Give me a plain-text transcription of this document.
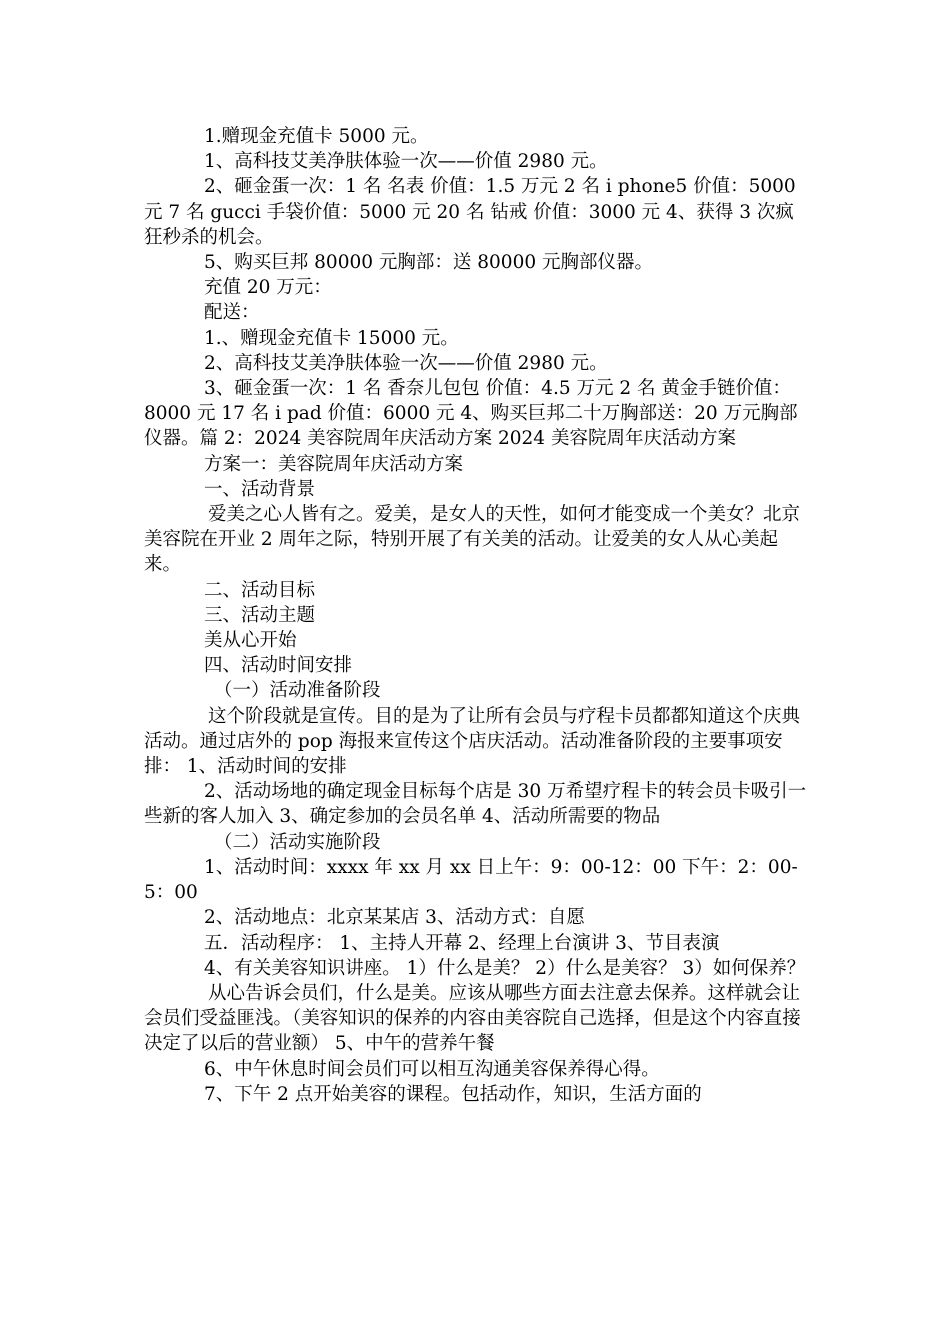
1.赠现金充值卡 5000 元。

1、高科技艾美净肤体验一次——价值 2980 元。

2、砸金蛋一次：1 名 名表 价值：1.5 万元 2 名 i phone5 价值：5000 元 7 名 gucci 手袋价值：5000 元 20 名 钻戒 价值：3000 元 4、获得 3 次疯狂秒杀的机会。

5、购买巨邦 80000 元胸部：送 80000 元胸部仪器。

充值 20 万元：

配送：

1.、赠现金充值卡 15000 元。

2、高科技艾美净肤体验一次——价值 2980 元。

3、砸金蛋一次：1 名 香奈儿包包 价值：4.5 万元 2 名 黄金手链价值：8000 元 17 名 i pad 价值：6000 元 4、购买巨邦二十万胸部送：20 万元胸部仪器。篇 2：2024 美容院周年庆活动方案 2024 美容院周年庆活动方案

方案一：美容院周年庆活动方案

一、活动背景

爱美之心人皆有之。爱美，是女人的天性，如何才能变成一个美女？北京美容院在开业 2 周年之际，特别开展了有关美的活动。让爱美的女人从心美起来。

二、活动目标

三、活动主题

美从心开始

四、活动时间安排

（一）活动准备阶段

这个阶段就是宣传。目的是为了让所有会员与疗程卡员都都知道这个庆典活动。通过店外的 pop 海报来宣传这个店庆活动。活动准备阶段的主要事项安排： 1、活动时间的安排

2、活动场地的确定现金目标每个店是 30 万希望疗程卡的转会员卡吸引一些新的客人加入 3、确定参加的会员名单 4、活动所需要的物品

（二）活动实施阶段

1、活动时间：xxxx 年 xx 月 xx 日上午：9：00-12：00 下午：2：00-5：00

2、活动地点：北京某某店 3、活动方式：自愿

五．活动程序： 1、主持人开幕 2、经理上台演讲 3、节目表演

4、有关美容知识讲座。 1）什么是美？ 2）什么是美容？ 3）如何保养？

从心告诉会员们，什么是美。应该从哪些方面去注意去保养。这样就会让会员们受益匪浅。（美容知识的保养的内容由美容院自己选择，但是这个内容直接决定了以后的营业额） 5、中午的营养午餐

6、中午休息时间会员们可以相互沟通美容保养得心得。

7、下午 2 点开始美容的课程。包括动作，知识，生活方面的
